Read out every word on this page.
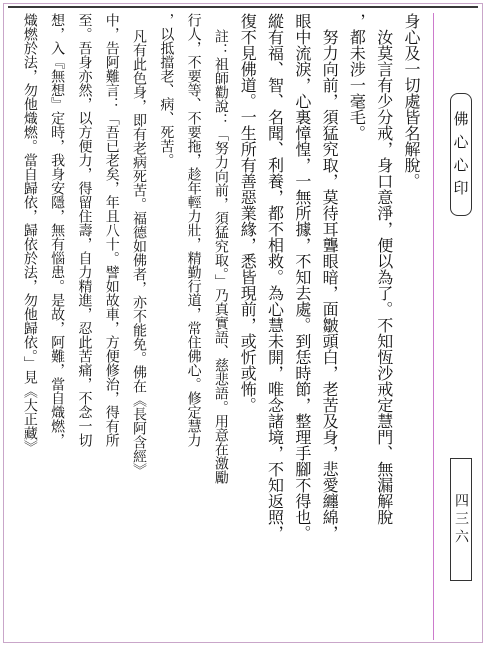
身心及一切處皆名解脫。
汝莫言有少分戒，身口意淨，便以為了。不知恆沙戒定慧門、無漏解脫
，都未涉一毫毛。
努力向前，須猛究取，莫待耳聾眼暗，面皺頭白，老苦及身，悲愛纏綿，
眼中流淚，心裏慞惶，一無所據，不知去處。到恁時節，整理手腳不得也。
縱有福、智、名聞、利養，都不相救。為心慧未開，唯念諸境，不知返照，
復不見佛道。一生所有善惡業緣，悉皆現前，或忻或怖。
註：祖師勸說：「努力向前，須猛究取。」乃真實語、慈悲語。用意在激勵
行人，不要等、不要拖，趁年輕力壯，精勤行道，常住佛心。修定慧力
，以抵擋老、病、死苦。
凡有此色身，即有老病死苦。福德如佛者，亦不能免。佛在《長阿含經》
中，告阿難言：「吾已老矣，年且八十。譬如故車，方便修治，得有所
至。吾身亦然，以方便力，得留住壽，自力精進，忍此苦痛，不念一切
想，入『無想』定時，我身安隱，無有惱患。是故，阿難，當自熾燃，
熾燃於法，勿他熾燃。當自歸依，歸依於法，勿他歸依。」見《大正藏》	佛心心印
四三六
